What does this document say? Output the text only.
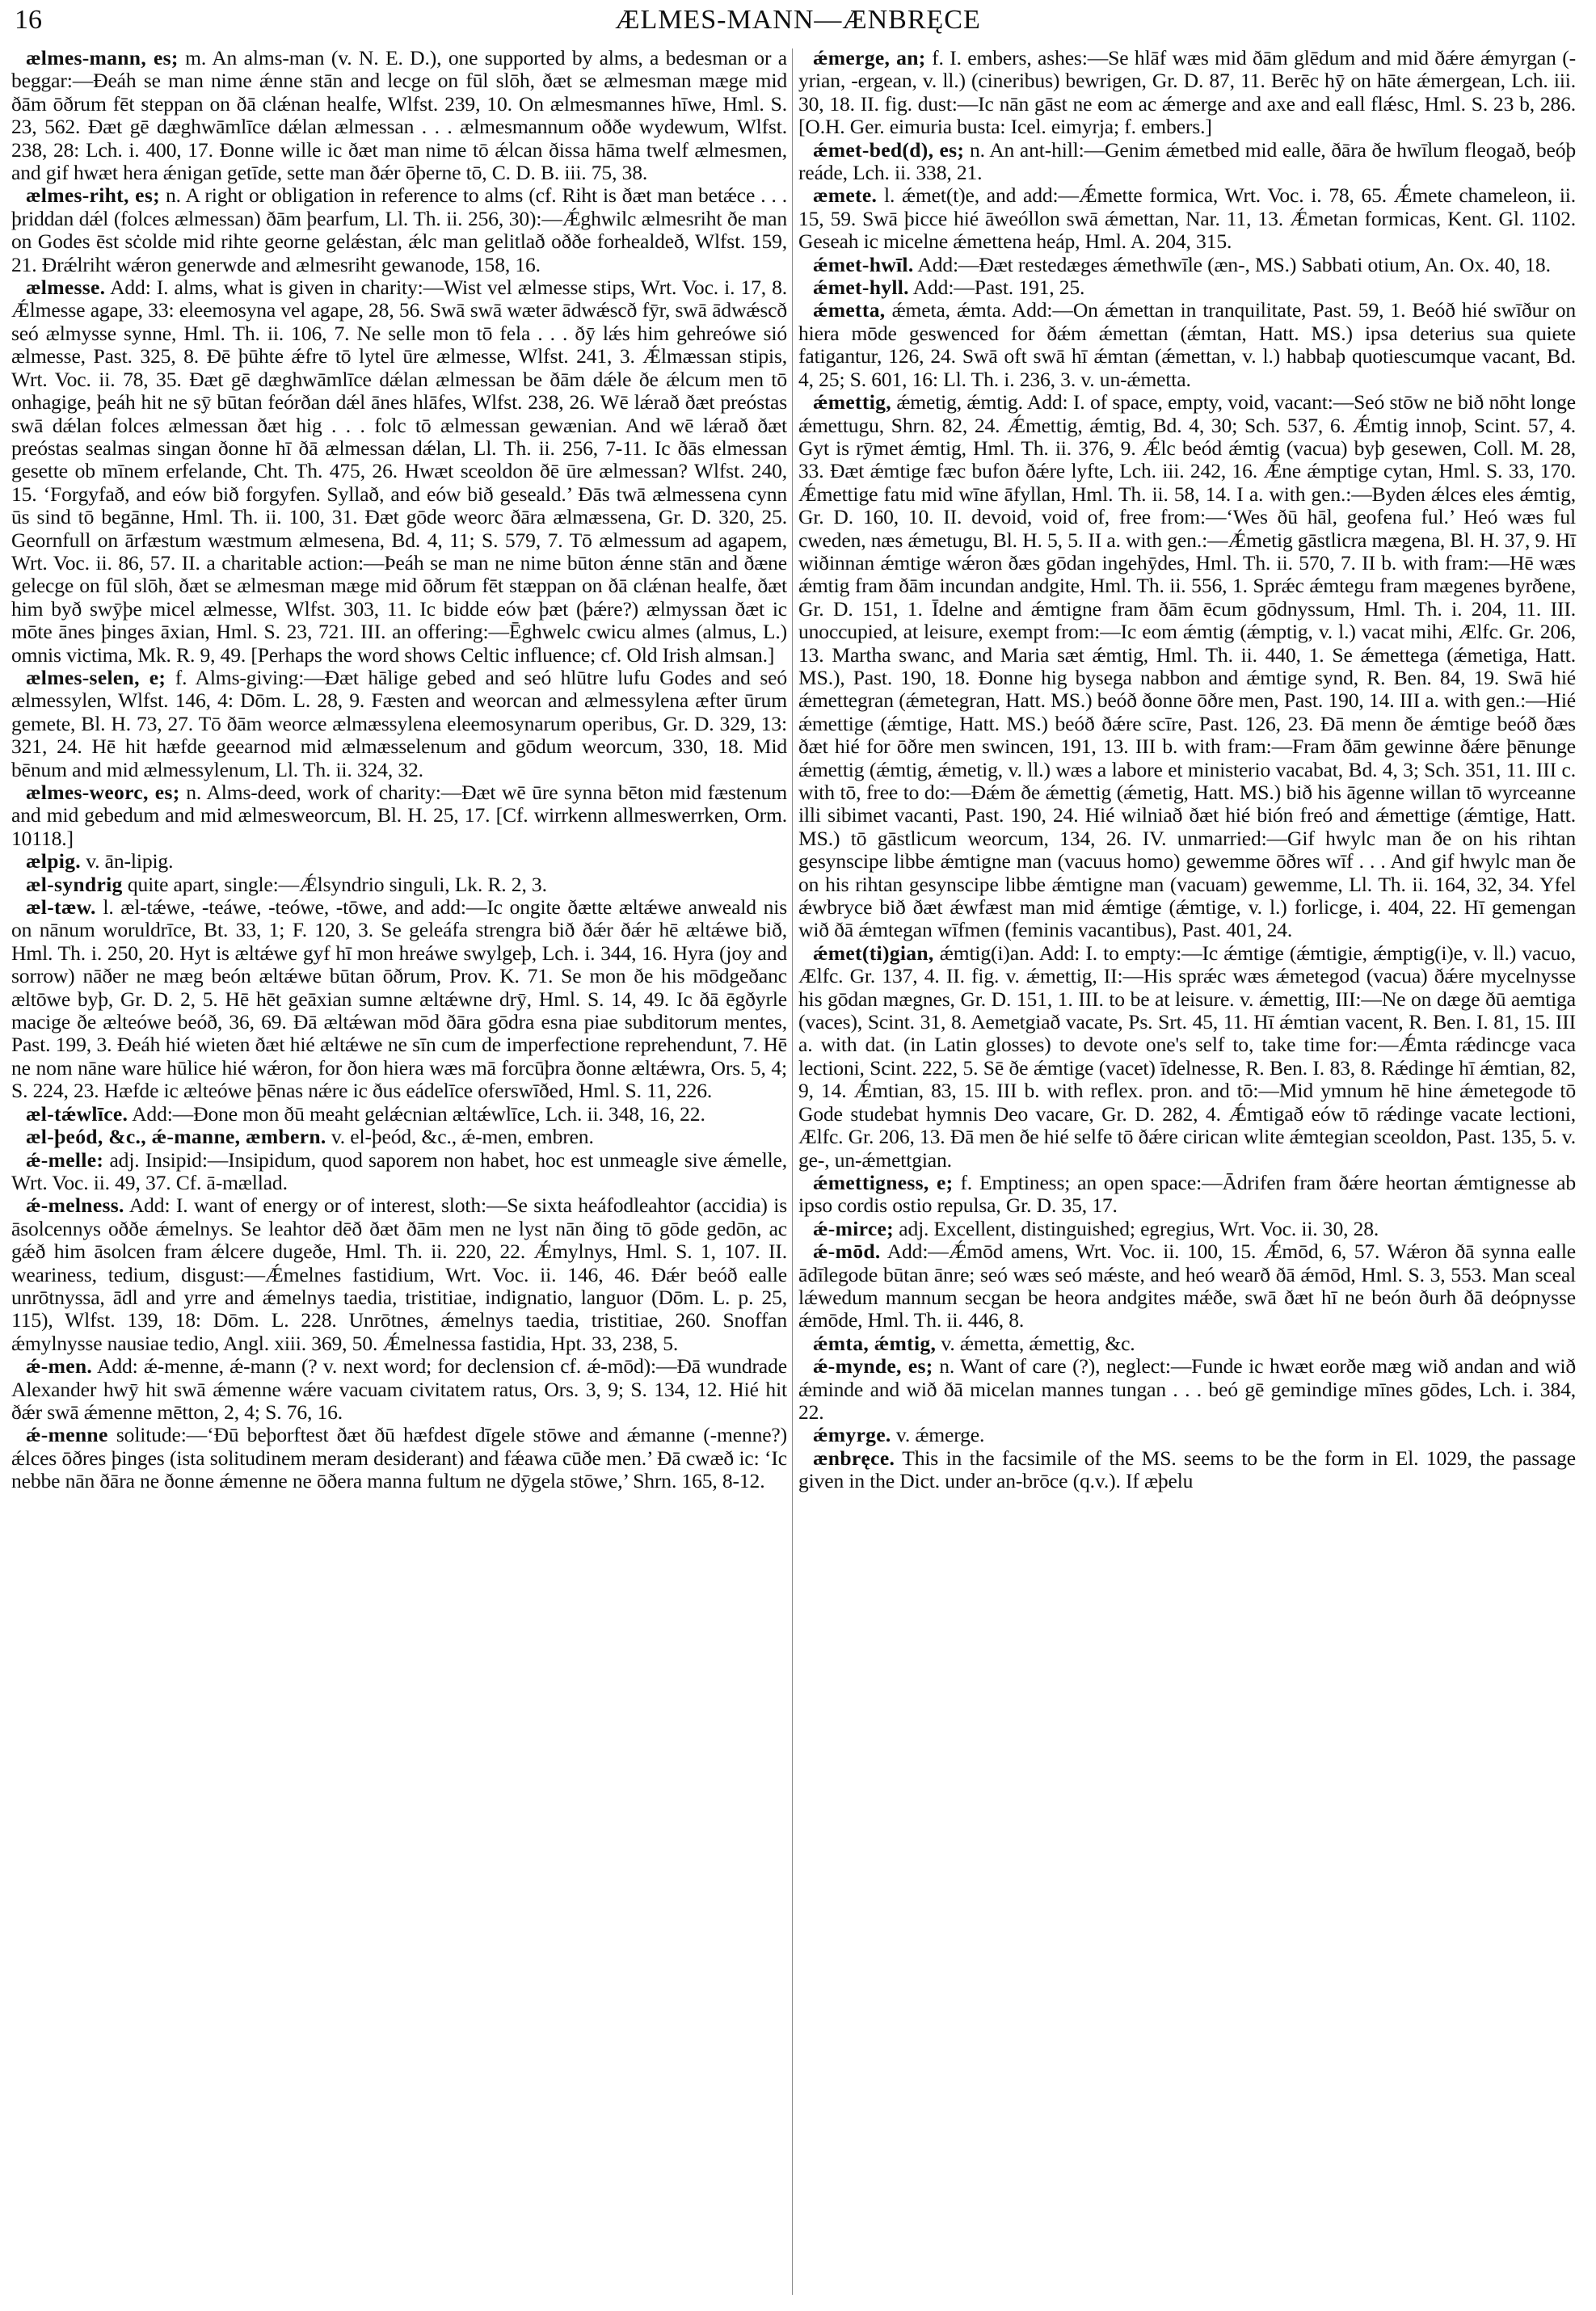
16	ÆLMES-MANN—ÆNBRĘCE

ælmes-mann, es; m. An alms-man (v. N. E. D.), one supported by alms, a bedesman or a beggar:—Ðeáh se man nime ǽnne stān and lecge on fūl slōh, ðæt se ælmesman mæge mid ðām ōðrum fēt steppan on ðā clǽnan healfe, Wlfst. 239, 10. On ælmesmannes hīwe, Hml. S. 23, 562. Ðæt gē dæghwāmlīce dǽlan ælmessan . . . ælmesmannum oððe wydewum, Wlfst. 238, 28: Lch. i. 400, 17. Ðonne wille ic ðæt man nime tō ǽlcan ðissa hāma twelf ælmesmen, and gif hwæt hera ǽnigan getīde, sette man ðǽr ōþerne tō, C. D. B. iii. 75, 38.

ælmes-riht, es; n. A right or obligation in reference to alms (cf. Riht is ðæt man betǽce . . . þriddan dǽl (folces ælmessan) ðām þearfum, Ll. Th. ii. 256, 30):—Ǽghwilc ælmesriht ðe man on Godes ēst sċolde mid rihte georne gelǽstan, ǽlc man gelitlað oððe forhealdeð, Wlfst. 159, 21. Ðrǽlriht wǽron generwde and ælmesriht gewanode, 158, 16.

ælmesse. Add: I. alms, what is given in charity:—Wist vel ælmesse stips, Wrt. Voc. i. 17, 8. Ǽlmesse agape, 33: eleemosyna vel agape, 28, 56. Swā swā wæter ādwǽscð fȳr, swā ādwǽscð seó ælmysse synne, Hml. Th. ii. 106, 7. Ne selle mon tō fela . . . ðȳ lǽs him gehreówe sió ælmesse, Past. 325, 8. Ðē þūhte ǽfre tō lytel ūre ælmesse, Wlfst. 241, 3. Ǽlmæssan stipis, Wrt. Voc. ii. 78, 35. Ðæt gē dæghwāmlīce dǽlan ælmessan be ðām dǽle ðe ǽlcum men tō onhagige, þeáh hit ne sȳ būtan feórðan dǽl ānes hlāfes, Wlfst. 238, 26. Wē lǽrað ðæt preóstas swā dǽlan folces ælmessan ðæt hig . . . folc tō ælmessan gewænian. And wē lǽrað ðæt preóstas sealmas singan ðonne hī ðā ælmessan dǽlan, Ll. Th. ii. 256, 7-11. Ic ðās elmessan gesette ob mīnem erfelande, Cht. Th. 475, 26. Hwæt sceoldon ðē ūre ælmessan? Wlfst. 240, 15. ‘Forgyfað, and eów bið forgyfen. Syllað, and eów bið geseald.’ Ðās twā ælmessena cynn ūs sind tō begānne, Hml. Th. ii. 100, 31. Ðæt gōde weorc ðāra ælmæssena, Gr. D. 320, 25. Geornfull on ārfæstum wæstmum ælmesena, Bd. 4, 11; S. 579, 7. Tō ælmessum ad agapem, Wrt. Voc. ii. 86, 57. II. a charitable action:—Þeáh se man ne nime būton ǽnne stān and ðæne gelecge on fūl slōh, ðæt se ælmesman mæge mid ōðrum fēt stæppan on ðā clǽnan healfe, ðæt him byð swȳþe micel ælmesse, Wlfst. 303, 11. Ic bidde eów þæt (þǽre?) ælmyssan ðæt ic mōte ānes þinges āxian, Hml. S. 23, 721. III. an offering:—Ēghwelc cwicu almes (almus, L.) omnis victima, Mk. R. 9, 49. [Perhaps the word shows Celtic influence; cf. Old Irish almsan.]

ælmes-selen, e; f. Alms-giving:—Ðæt hālige gebed and seó hlūtre lufu Godes and seó ælmessylen, Wlfst. 146, 4: Dōm. L. 28, 9. Fæsten and weorcan and ælmessylena æfter ūrum gemete, Bl. H. 73, 27. Tō ðām weorce ælmæssylena eleemosynarum operibus, Gr. D. 329, 13: 321, 24. Hē hit hæfde geearnod mid ælmæsselenum and gōdum weorcum, 330, 18. Mid bēnum and mid ælmessylenum, Ll. Th. ii. 324, 32.

ælmes-weorc, es; n. Alms-deed, work of charity:—Ðæt wē ūre synna bēton mid fæstenum and mid gebedum and mid ælmesweorcum, Bl. H. 25, 17. [Cf. wirrkenn allmeswerrken, Orm. 10118.]

ælpig. v. ān-lipig.

æl-syndrig quite apart, single:—Ǽlsyndrio singuli, Lk. R. 2, 3.

æl-tæw. l. æl-tǽwe, -teáwe, -teówe, -tōwe, and add:—Ic ongite ðætte æltǽwe anweald nis on nānum woruldrīce, Bt. 33, 1; F. 120, 3. Se geleáfa strengra bið ðǽr ðǽr hē æltǽwe bið, Hml. Th. i. 250, 20. Hyt is æltǽwe gyf hī mon hreáwe swylgeþ, Lch. i. 344, 16. Hyra (joy and sorrow) nāðer ne mæg beón æltǽwe būtan ōðrum, Prov. K. 71. Se mon ðe his mōdgeðanc æltōwe byþ, Gr. D. 2, 5. Hē hēt geāxian sumne æltǽwne drȳ, Hml. S. 14, 49. Ic ðā ēgðyrle macige ðe ælteówe beóð, 36, 69. Ðā æltǽwan mōd ðāra gōdra esna piae subditorum mentes, Past. 199, 3. Ðeáh hié wieten ðæt hié æltǽwe ne sīn cum de imperfectione reprehendunt, 7. Hē ne nom nāne ware hūlice hié wǽron, for ðon hiera wæs mā forcūþra ðonne æltǽwra, Ors. 5, 4; S. 224, 23. Hæfde ic ælteówe þēnas nǽre ic ðus eádelīce oferswīðed, Hml. S. 11, 226.

æl-tǽwlīce. Add:—Ðone mon ðū meaht gelǽcnian æltǽwlīce, Lch. ii. 348, 16, 22.

æl-þeód, &c., ǽ-manne, æmbern. v. el-þeód, &c., ǽ-men, embren.

ǽ-melle: adj. Insipid:—Insipidum, quod saporem non habet, hoc est unmeagle sive ǽmelle, Wrt. Voc. ii. 49, 37. Cf. ā-mællad.

ǽ-melness. Add: I. want of energy or of interest, sloth:—Se sixta heáfodleahtor (accidia) is āsolcennys oððe ǽmelnys. Se leahtor dēð ðæt ðām men ne lyst nān ðing tō gōde gedōn, ac gǽð him āsolcen fram ǽlcere dugeðe, Hml. Th. ii. 220, 22. Ǽmylnys, Hml. S. 1, 107. II. weariness, tedium, disgust:—Ǽmelnes fastidium, Wrt. Voc. ii. 146, 46. Ðǽr beóð ealle unrōtnyssa, ādl and yrre and ǽmelnys taedia, tristitiae, indignatio, languor (Dōm. L. p. 25, 115), Wlfst. 139, 18: Dōm. L. 228. Unrōtnes, ǽmelnys taedia, tristitiae, 260. Snoffan ǽmylnysse nausiae tedio, Angl. xiii. 369, 50. Ǽmelnessa fastidia, Hpt. 33, 238, 5.

ǽ-men. Add: ǽ-menne, ǽ-mann (? v. next word; for declension cf. ǽ-mōd):—Ðā wundrade Alexander hwȳ hit swā ǽmenne wǽre vacuam civitatem ratus, Ors. 3, 9; S. 134, 12. Hié hit ðǽr swā ǽmenne mētton, 2, 4; S. 76, 16.

ǽ-menne solitude:—‘Ðū beþorftest ðæt ðū hæfdest dīgele stōwe and ǽmanne (-menne?) ǽlces ōðres þinges (ista solitudinem meram desiderant) and fǽawa cūðe men.’ Ðā cwæð ic: ‘Ic nebbe nān ðāra ne ðonne ǽmenne ne ōðera manna fultum ne dȳgela stōwe,’ Shrn. 165, 8-12.

ǽmerge, an; f. I. embers, ashes:—Se hlāf wæs mid ðām glēdum and mid ðǽre ǽmyrgan (-yrian, -ergean, v. ll.) (cineribus) bewrigen, Gr. D. 87, 11. Berēc hȳ on hāte ǽmergean, Lch. iii. 30, 18. II. fig. dust:—Ic nān gāst ne eom ac ǽmerge and axe and eall flǽsc, Hml. S. 23 b, 286. [O.H. Ger. eimuria busta: Icel. eimyrja; f. embers.]

ǽmet-bed(d), es; n. An ant-hill:—Genim ǽmetbed mid ealle, ðāra ðe hwīlum fleogað, beóþ reáde, Lch. ii. 338, 21.

æmete. l. ǽmet(t)e, and add:—Ǽmette formica, Wrt. Voc. i. 78, 65. Ǽmete chameleon, ii. 15, 59. Swā þicce hié āweóllon swā ǽmettan, Nar. 11, 13. Ǽmetan formicas, Kent. Gl. 1102. Geseah ic micelne ǽmettena heáp, Hml. A. 204, 315.

ǽmet-hwīl. Add:—Ðæt restedæges ǽmethwīle (æn-, MS.) Sabbati otium, An. Ox. 40, 18.

ǽmet-hyll. Add:—Past. 191, 25.

ǽmetta, ǽmeta, ǽmta. Add:—On ǽmettan in tranquilitate, Past. 59, 1. Beóð hié swīður on hiera mōde geswenced for ðǽm ǽmettan (ǽmtan, Hatt. MS.) ipsa deterius sua quiete fatigantur, 126, 24. Swā oft swā hī ǽmtan (ǽmettan, v. l.) habbaþ quotiescumque vacant, Bd. 4, 25; S. 601, 16: Ll. Th. i. 236, 3. v. un-ǽmetta.

ǽmettig, ǽmetig, ǽmtig. Add: I. of space, empty, void, vacant:—Seó stōw ne bið nōht longe ǽmettugu, Shrn. 82, 24. Ǽmettig, ǽmtig, Bd. 4, 30; Sch. 537, 6. Ǽmtig innoþ, Scint. 57, 4. Gyt is rȳmet ǽmtig, Hml. Th. ii. 376, 9. Ǽlc beód ǽmtig (vacua) byþ gesewen, Coll. M. 28, 33. Ðæt ǽmtige fæc bufon ðǽre lyfte, Lch. iii. 242, 16. Ǽne ǽmptige cytan, Hml. S. 33, 170. Ǽmettige fatu mid wīne āfyllan, Hml. Th. ii. 58, 14. I a. with gen.:—Byden ǽlces eles ǽmtig, Gr. D. 160, 10. II. devoid, void of, free from:—‘Wes ðū hāl, geofena ful.’ Heó wæs ful cweden, næs ǽmetugu, Bl. H. 5, 5. II a. with gen.:—Ǽmetig gāstlicra mægena, Bl. H. 37, 9. Hī wiðinnan ǽmtige wǽron ðæs gōdan ingehȳdes, Hml. Th. ii. 570, 7. II b. with fram:—Hē wæs ǽmtig fram ðām incundan andgite, Hml. Th. ii. 556, 1. Sprǽc ǽmtegu fram mægenes byrðene, Gr. D. 151, 1. Īdelne and ǽmtigne fram ðām ēcum gōdnyssum, Hml. Th. i. 204, 11. III. unoccupied, at leisure, exempt from:—Ic eom ǽmtig (ǽmptig, v. l.) vacat mihi, Ælfc. Gr. 206, 13. Martha swanc, and Maria sæt ǽmtig, Hml. Th. ii. 440, 1. Se ǽmettega (ǽmetiga, Hatt. MS.), Past. 190, 18. Ðonne hig bysega nabbon and ǽmtige synd, R. Ben. 84, 19. Swā hié ǽmettegran (ǽmetegran, Hatt. MS.) beóð ðonne ōðre men, Past. 190, 14. III a. with gen.:—Hié ǽmettige (ǽmtige, Hatt. MS.) beóð ðǽre scīre, Past. 126, 23. Ðā menn ðe ǽmtige beóð ðæs ðæt hié for ōðre men swincen, 191, 13. III b. with fram:—Fram ðām gewinne ðǽre þēnunge ǽmettig (ǽmtig, ǽmetig, v. ll.) wæs a labore et ministerio vacabat, Bd. 4, 3; Sch. 351, 11. III c. with tō, free to do:—Ðǽm ðe ǽmettig (ǽmetig, Hatt. MS.) bið his āgenne willan tō wyrceanne illi sibimet vacanti, Past. 190, 24. Hié wilniað ðæt hié bión freó and ǽmettige (ǽmtige, Hatt. MS.) tō gāstlicum weorcum, 134, 26. IV. unmarried:—Gif hwylc man ðe on his rihtan gesynscipe libbe ǽmtigne man (vacuus homo) gewemme ōðres wīf . . . And gif hwylc man ðe on his rihtan gesynscipe libbe ǽmtigne man (vacuam) gewemme, Ll. Th. ii. 164, 32, 34. Yfel ǽwbryce bið ðæt ǽwfæst man mid ǽmtige (ǽmtige, v. l.) forlicge, i. 404, 22. Hī gemengan wið ðā ǽmtegan wīfmen (feminis vacantibus), Past. 401, 24.

ǽmet(ti)gian, ǽmtig(i)an. Add: I. to empty:—Ic ǽmtige (ǽmtigie, ǽmptig(i)e, v. ll.) vacuo, Ælfc. Gr. 137, 4. II. fig. v. ǽmettig, II:—His sprǽc wæs ǽmetegod (vacua) ðǽre mycelnysse his gōdan mægnes, Gr. D. 151, 1. III. to be at leisure. v. ǽmettig, III:—Ne on dæge ðū aemtiga (vaces), Scint. 31, 8. Aemetgiað vacate, Ps. Srt. 45, 11. Hī ǽmtian vacent, R. Ben. I. 81, 15. III a. with dat. (in Latin glosses) to devote one's self to, take time for:—Ǽmta rǽdincge vaca lectioni, Scint. 222, 5. Sē ðe ǽmtige (vacet) īdelnesse, R. Ben. I. 83, 8. Rǽdinge hī ǽmtian, 82, 9, 14. Ǽmtian, 83, 15. III b. with reflex. pron. and tō:—Mid ymnum hē hine ǽmetegode tō Gode studebat hymnis Deo vacare, Gr. D. 282, 4. Ǽmtigað eów tō rǽdinge vacate lectioni, Ælfc. Gr. 206, 13. Ðā men ðe hié selfe tō ðǽre cirican wlite ǽmtegian sceoldon, Past. 135, 5. v. ge-, un-ǽmettgian.

ǽmettigness, e; f. Emptiness; an open space:—Ādrifen fram ðǽre heortan ǽmtignesse ab ipso cordis ostio repulsa, Gr. D. 35, 17.

ǽ-mirce; adj. Excellent, distinguished; egregius, Wrt. Voc. ii. 30, 28.

ǽ-mōd. Add:—Ǽmōd amens, Wrt. Voc. ii. 100, 15. Ǽmōd, 6, 57. Wǽron ðā synna ealle ādīlegode būtan ānre; seó wæs seó mǽste, and heó wearð ðā ǽmōd, Hml. S. 3, 553. Man sceal lǽwedum mannum secgan be heora andgites mǽðe, swā ðæt hī ne beón ðurh ðā deópnysse ǽmōde, Hml. Th. ii. 446, 8.

ǽmta, ǽmtig, v. ǽmetta, ǽmettig, &c.

ǽ-mynde, es; n. Want of care (?), neglect:—Funde ic hwæt eorðe mæg wið andan and wið ǽminde and wið ðā micelan mannes tungan . . . beó gē gemindige mīnes gōdes, Lch. i. 384, 22.

ǽmyrge. v. ǽmerge.

ænbręce. This in the facsimile of the MS. seems to be the form in El. 1029, the passage given in the Dict. under an-brōce (q.v.). If æþelu
